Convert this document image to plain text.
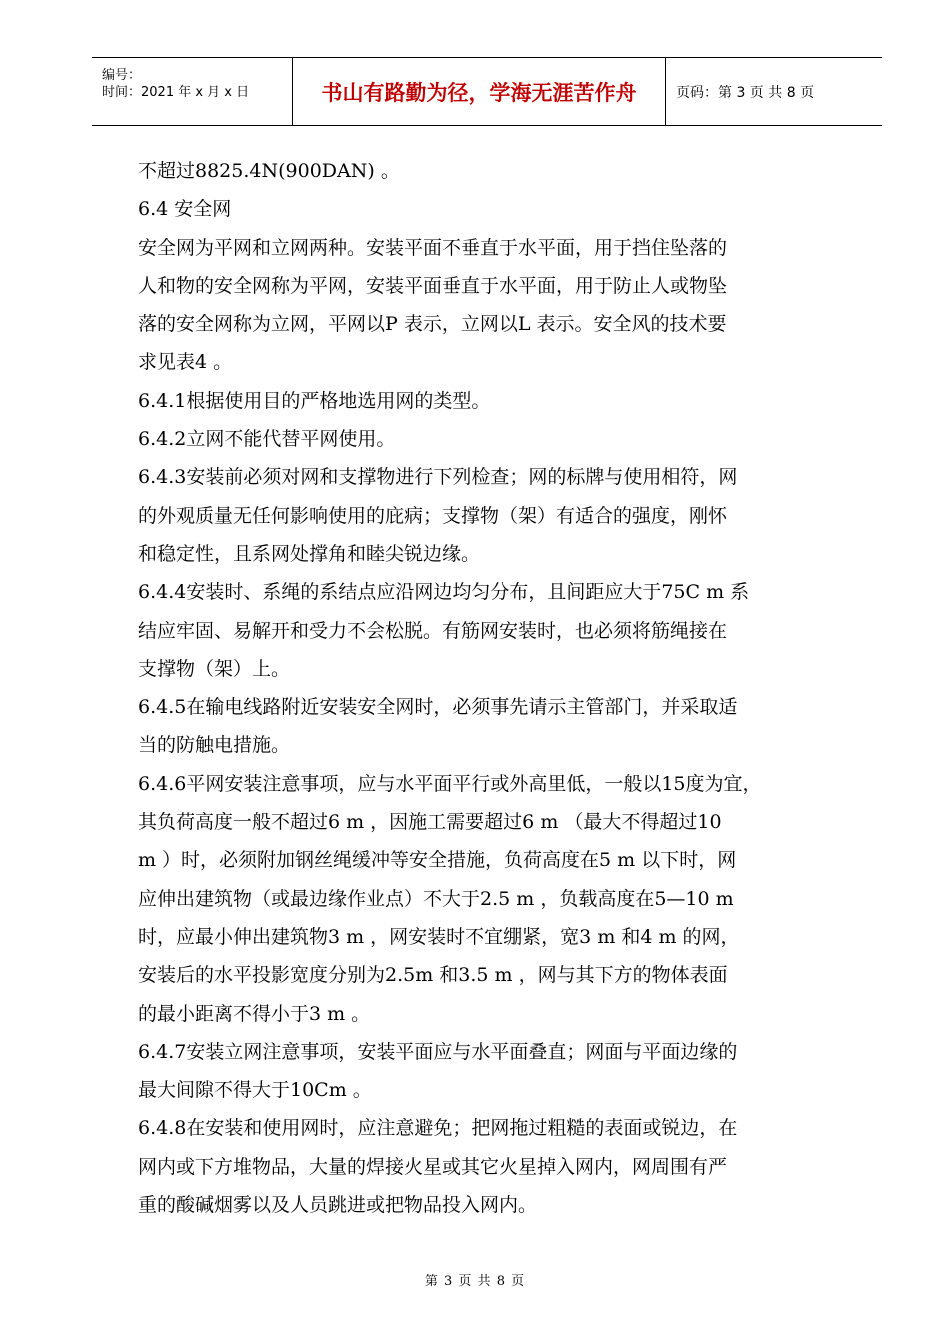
编号：
时间：2021 年 x 月 x 日	书山有路勤为径，学海无涯苦作舟	页码：第 3 页 共 8 页

不超过8825.4N(900DAN) 。

6.4 安全网

安全网为平网和立网两种。安装平面不垂直于水平面，用于挡住坠落的

人和物的安全网称为平网，安装平面垂直于水平面，用于防止人或物坠

落的安全网称为立网，平网以P 表示，立网以L 表示。安全风的技术要

求见表4 。

6.4.1根据使用目的严格地选用网的类型。

6.4.2立网不能代替平网使用。

6.4.3安装前必须对网和支撑物进行下列检查；网的标牌与使用相符，网

的外观质量无任何影响使用的庇病；支撑物（架）有适合的强度，刚怀

和稳定性，且系网处撑角和睦尖锐边缘。

6.4.4安装时、系绳的系结点应沿网边均匀分布，且间距应大于75C m 系

结应牢固、易解开和受力不会松脱。有筋网安装时，也必须将筋绳接在

支撑物（架）上。

6.4.5在输电线路附近安装安全网时，必须事先请示主管部门，并采取适

当的防触电措施。

6.4.6平网安装注意事项，应与水平面平行或外高里低，一般以15度为宜，

其负荷高度一般不超过6 m ，因施工需要超过6 m （最大不得超过10

m ）时，必须附加钢丝绳缓冲等安全措施，负荷高度在5 m 以下时，网

应伸出建筑物（或最边缘作业点）不大于2.5 m ，负载高度在5—10 m

时，应最小伸出建筑物3 m ，网安装时不宜绷紧，宽3 m 和4 m 的网，

安装后的水平投影宽度分别为2.5m 和3.5 m ，网与其下方的物体表面

的最小距离不得小于3 m 。

6.4.7安装立网注意事项，安装平面应与水平面叠直；网面与平面边缘的

最大间隙不得大于10Cm 。

6.4.8在安装和使用网时，应注意避免；把网拖过粗糙的表面或锐边，在

网内或下方堆物品，大量的焊接火星或其它火星掉入网内，网周围有严

重的酸碱烟雾以及人员跳进或把物品投入网内。

第 3 页 共 8 页
